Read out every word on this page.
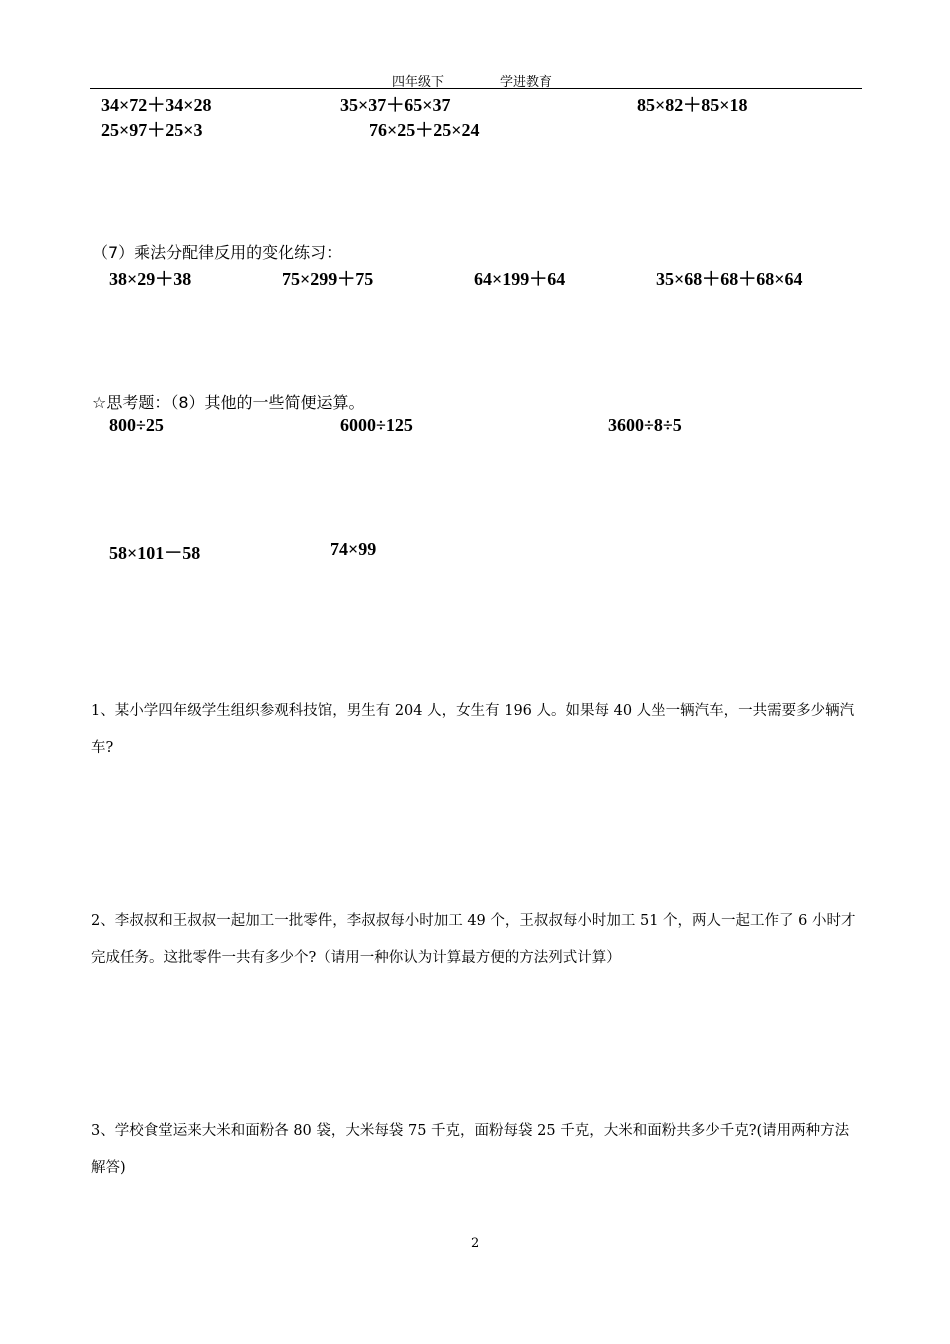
四年级下	学进教育
34×72＋34×28	35×37＋65×37	85×82＋85×18
25×97＋25×3	76×25＋25×24
（7）乘法分配律反用的变化练习：
38×29＋38	75×299＋75	64×199＋64	35×68＋68＋68×64
☆思考题：（8）其他的一些简便运算。
800÷25	6000÷125	3600÷8÷5
58×101－58	74×99
1、某小学四年级学生组织参观科技馆，男生有 204 人，女生有 196 人。如果每 40 人坐一辆汽车，一共需要多少辆汽车?
2、李叔叔和王叔叔一起加工一批零件，李叔叔每小时加工 49 个，王叔叔每小时加工 51 个，两人一起工作了 6 小时才完成任务。这批零件一共有多少个?（请用一种你认为计算最方便的方法列式计算）
3、学校食堂运来大米和面粉各 80 袋，大米每袋 75 千克，面粉每袋 25 千克，大米和面粉共多少千克?(请用两种方法解答)
2
